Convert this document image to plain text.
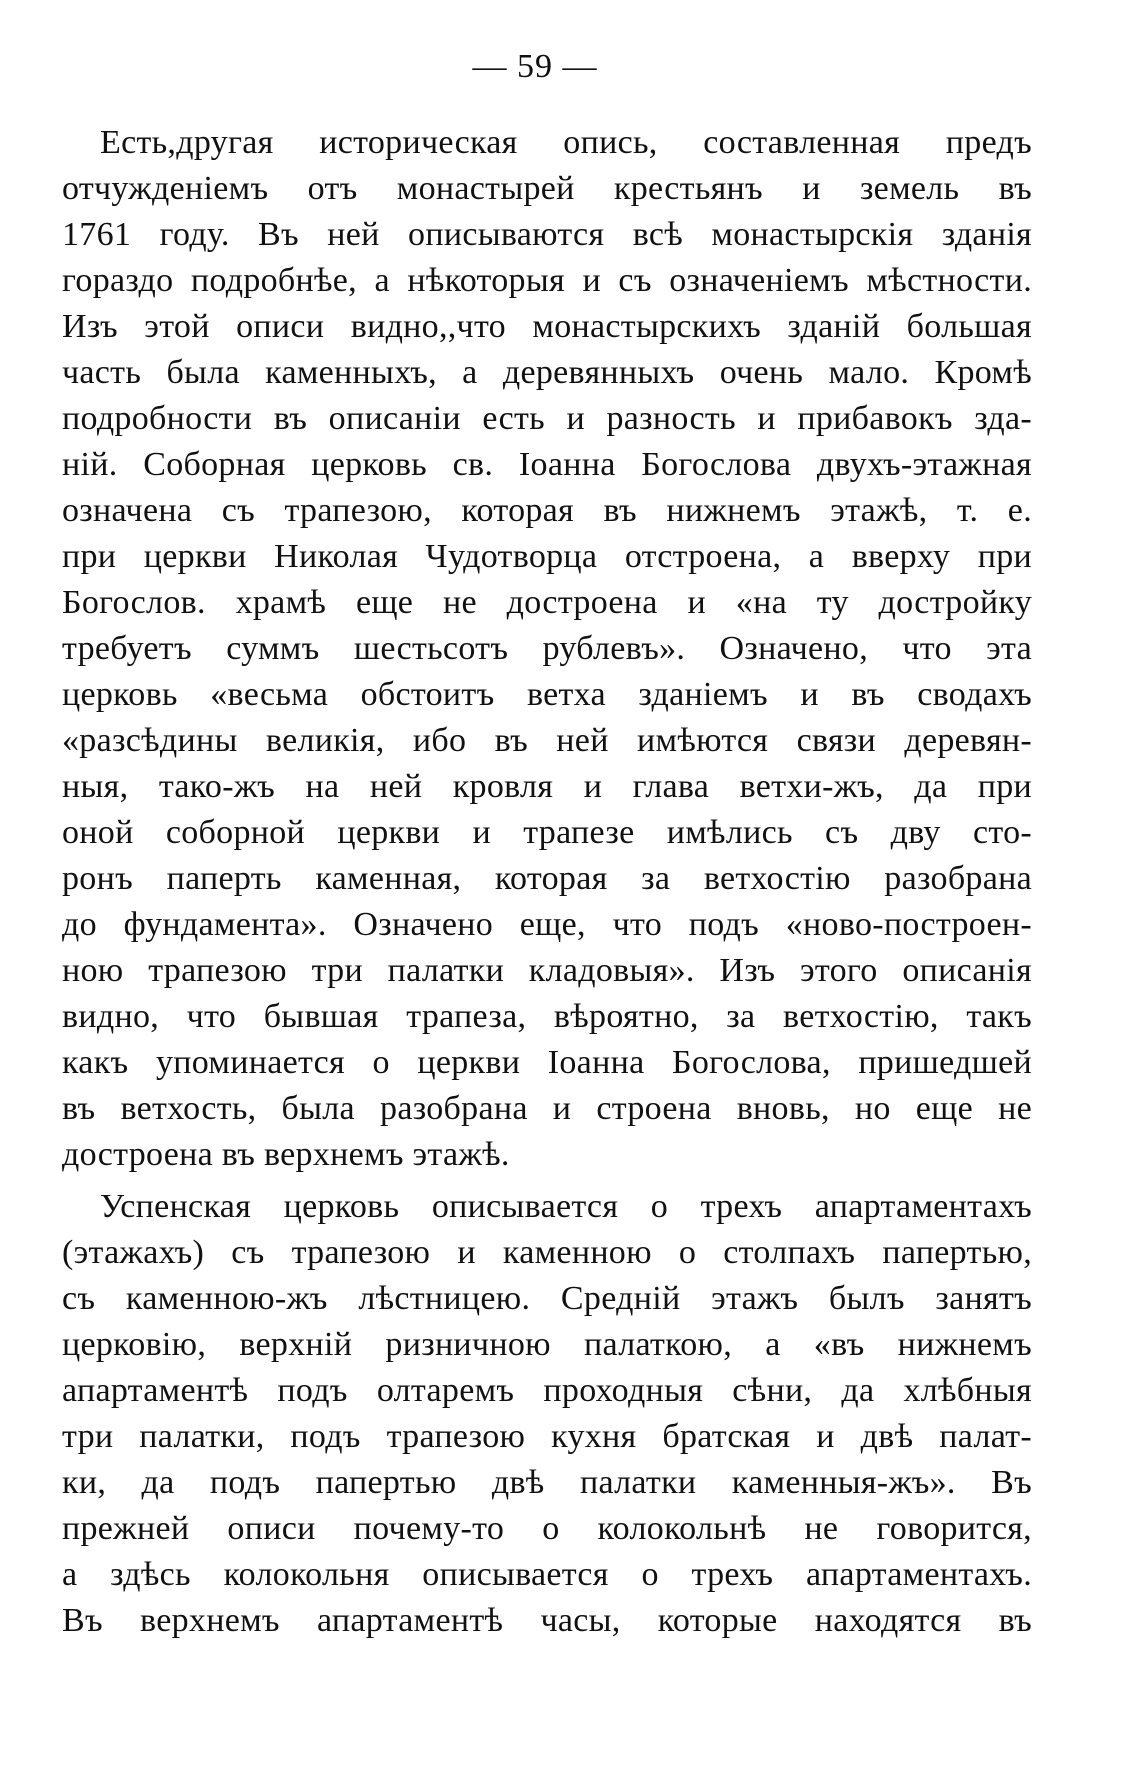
— 59 —
Есть,другая историческая опись, составленная предъ
отчужденіемъ отъ монастырей крестьянъ и земель въ
1761 году. Въ ней описываются всѣ монастырскія зданія
гораздо подробнѣе, а нѣкоторыя и съ означеніемъ мѣстности.
Изъ этой описи видно,,что монастырскихъ зданій большая
часть была каменныхъ, а деревянныхъ очень мало. Кромѣ
подробности въ описаніи есть и разность и прибавокъ зда-
ній. Соборная церковь св. Іоанна Богослова двухъ-этажная
означена съ трапезою, которая въ нижнемъ этажѣ, т. е.
при церкви Николая Чудотворца отстроена, а вверху при
Богослов. храмѣ еще не достроена и «на ту достройку
требуетъ суммъ шестьсотъ рублевъ». Означено, что эта
церковь «весьма обстоитъ ветха зданіемъ и въ сводахъ
«разсѣдины великія, ибо въ ней имѣются связи деревян-
ныя, тако-жъ на ней кровля и глава ветхи-жъ, да при
оной соборной церкви и трапезе имѣлись съ дву сто-
ронъ паперть каменная, которая за ветхостію разобрана
до фундамента». Означено еще, что подъ «ново-построен-
ною трапезою три палатки кладовыя». Изъ этого описанія
видно, что бывшая трапеза, вѣроятно, за ветхостію, такъ
какъ упоминается о церкви Іоанна Богослова, пришедшей
въ ветхость, была разобрана и строена вновь, но еще не
достроена въ верхнемъ этажѣ.
Успенская церковь описывается о трехъ апартаментахъ
(этажахъ) съ трапезою и каменною о столпахъ папертью,
съ каменною-жъ лѣстницею. Средній этажъ былъ занятъ
церковію, верхній ризничною палаткою, а «въ нижнемъ
апартаментѣ подъ олтаремъ проходныя сѣни, да хлѣбныя
три палатки, подъ трапезою кухня братская и двѣ палат-
ки, да подъ папертью двѣ палатки каменныя-жъ». Въ
прежней описи почему-то о колокольнѣ не говорится,
а здѣсь колокольня описывается о трехъ апартаментахъ.
Въ верхнемъ апартаментѣ часы, которые находятся въ
